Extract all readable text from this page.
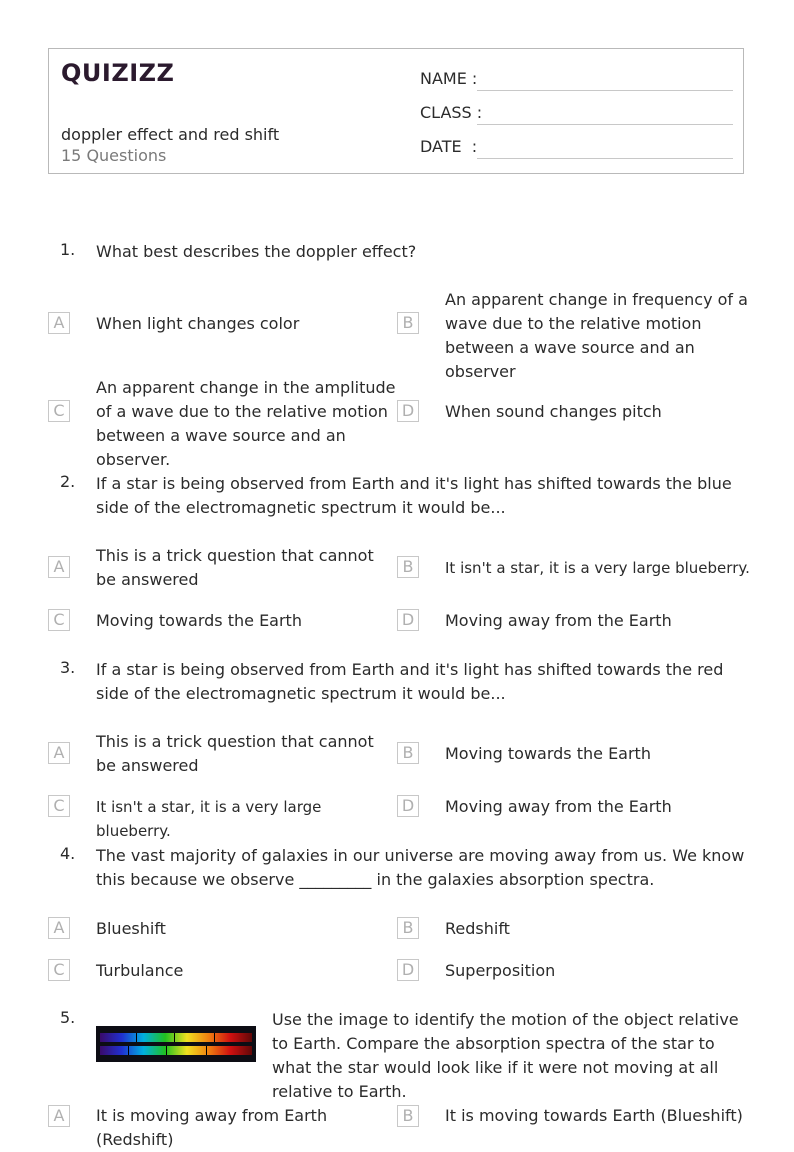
QUIZIZZ
doppler effect and red shift
15 Questions
NAME :
CLASS :
DATE  :
1. What best describes the doppler effect?
A	When light changes color	B
An apparent change in frequency of a wave due to the relative motion between a wave source and an observer
C
An apparent change in the amplitude of a wave due to the relative motion between a wave source and an observer.
D	When sound changes pitch
2. If a star is being observed from Earth and it's light has shifted towards the blue side of the electromagnetic spectrum it would be...
A
This is a trick question that cannot be answered
B	It isn't a star, it is a very large blueberry.
C	Moving towards the Earth	D	Moving away from the Earth
3. If a star is being observed from Earth and it's light has shifted towards the red side of the electromagnetic spectrum it would be...
A
This is a trick question that cannot be answered
B	Moving towards the Earth
C	It isn't a star, it is a very large blueberry.
D	Moving away from the Earth
4. The vast majority of galaxies in our universe are moving away from us. We know this because we observe _________ in the galaxies absorption spectra.
A	Blueshift	B	Redshift
C	Turbulance	D	Superposition
5.	Use the image to identify the motion of the object relative to Earth. Compare the absorption spectra of the star to what the star would look like if it were not moving at all relative to Earth.
A	It is moving away from Earth (Redshift)
B	It is moving towards Earth (Blueshift)
